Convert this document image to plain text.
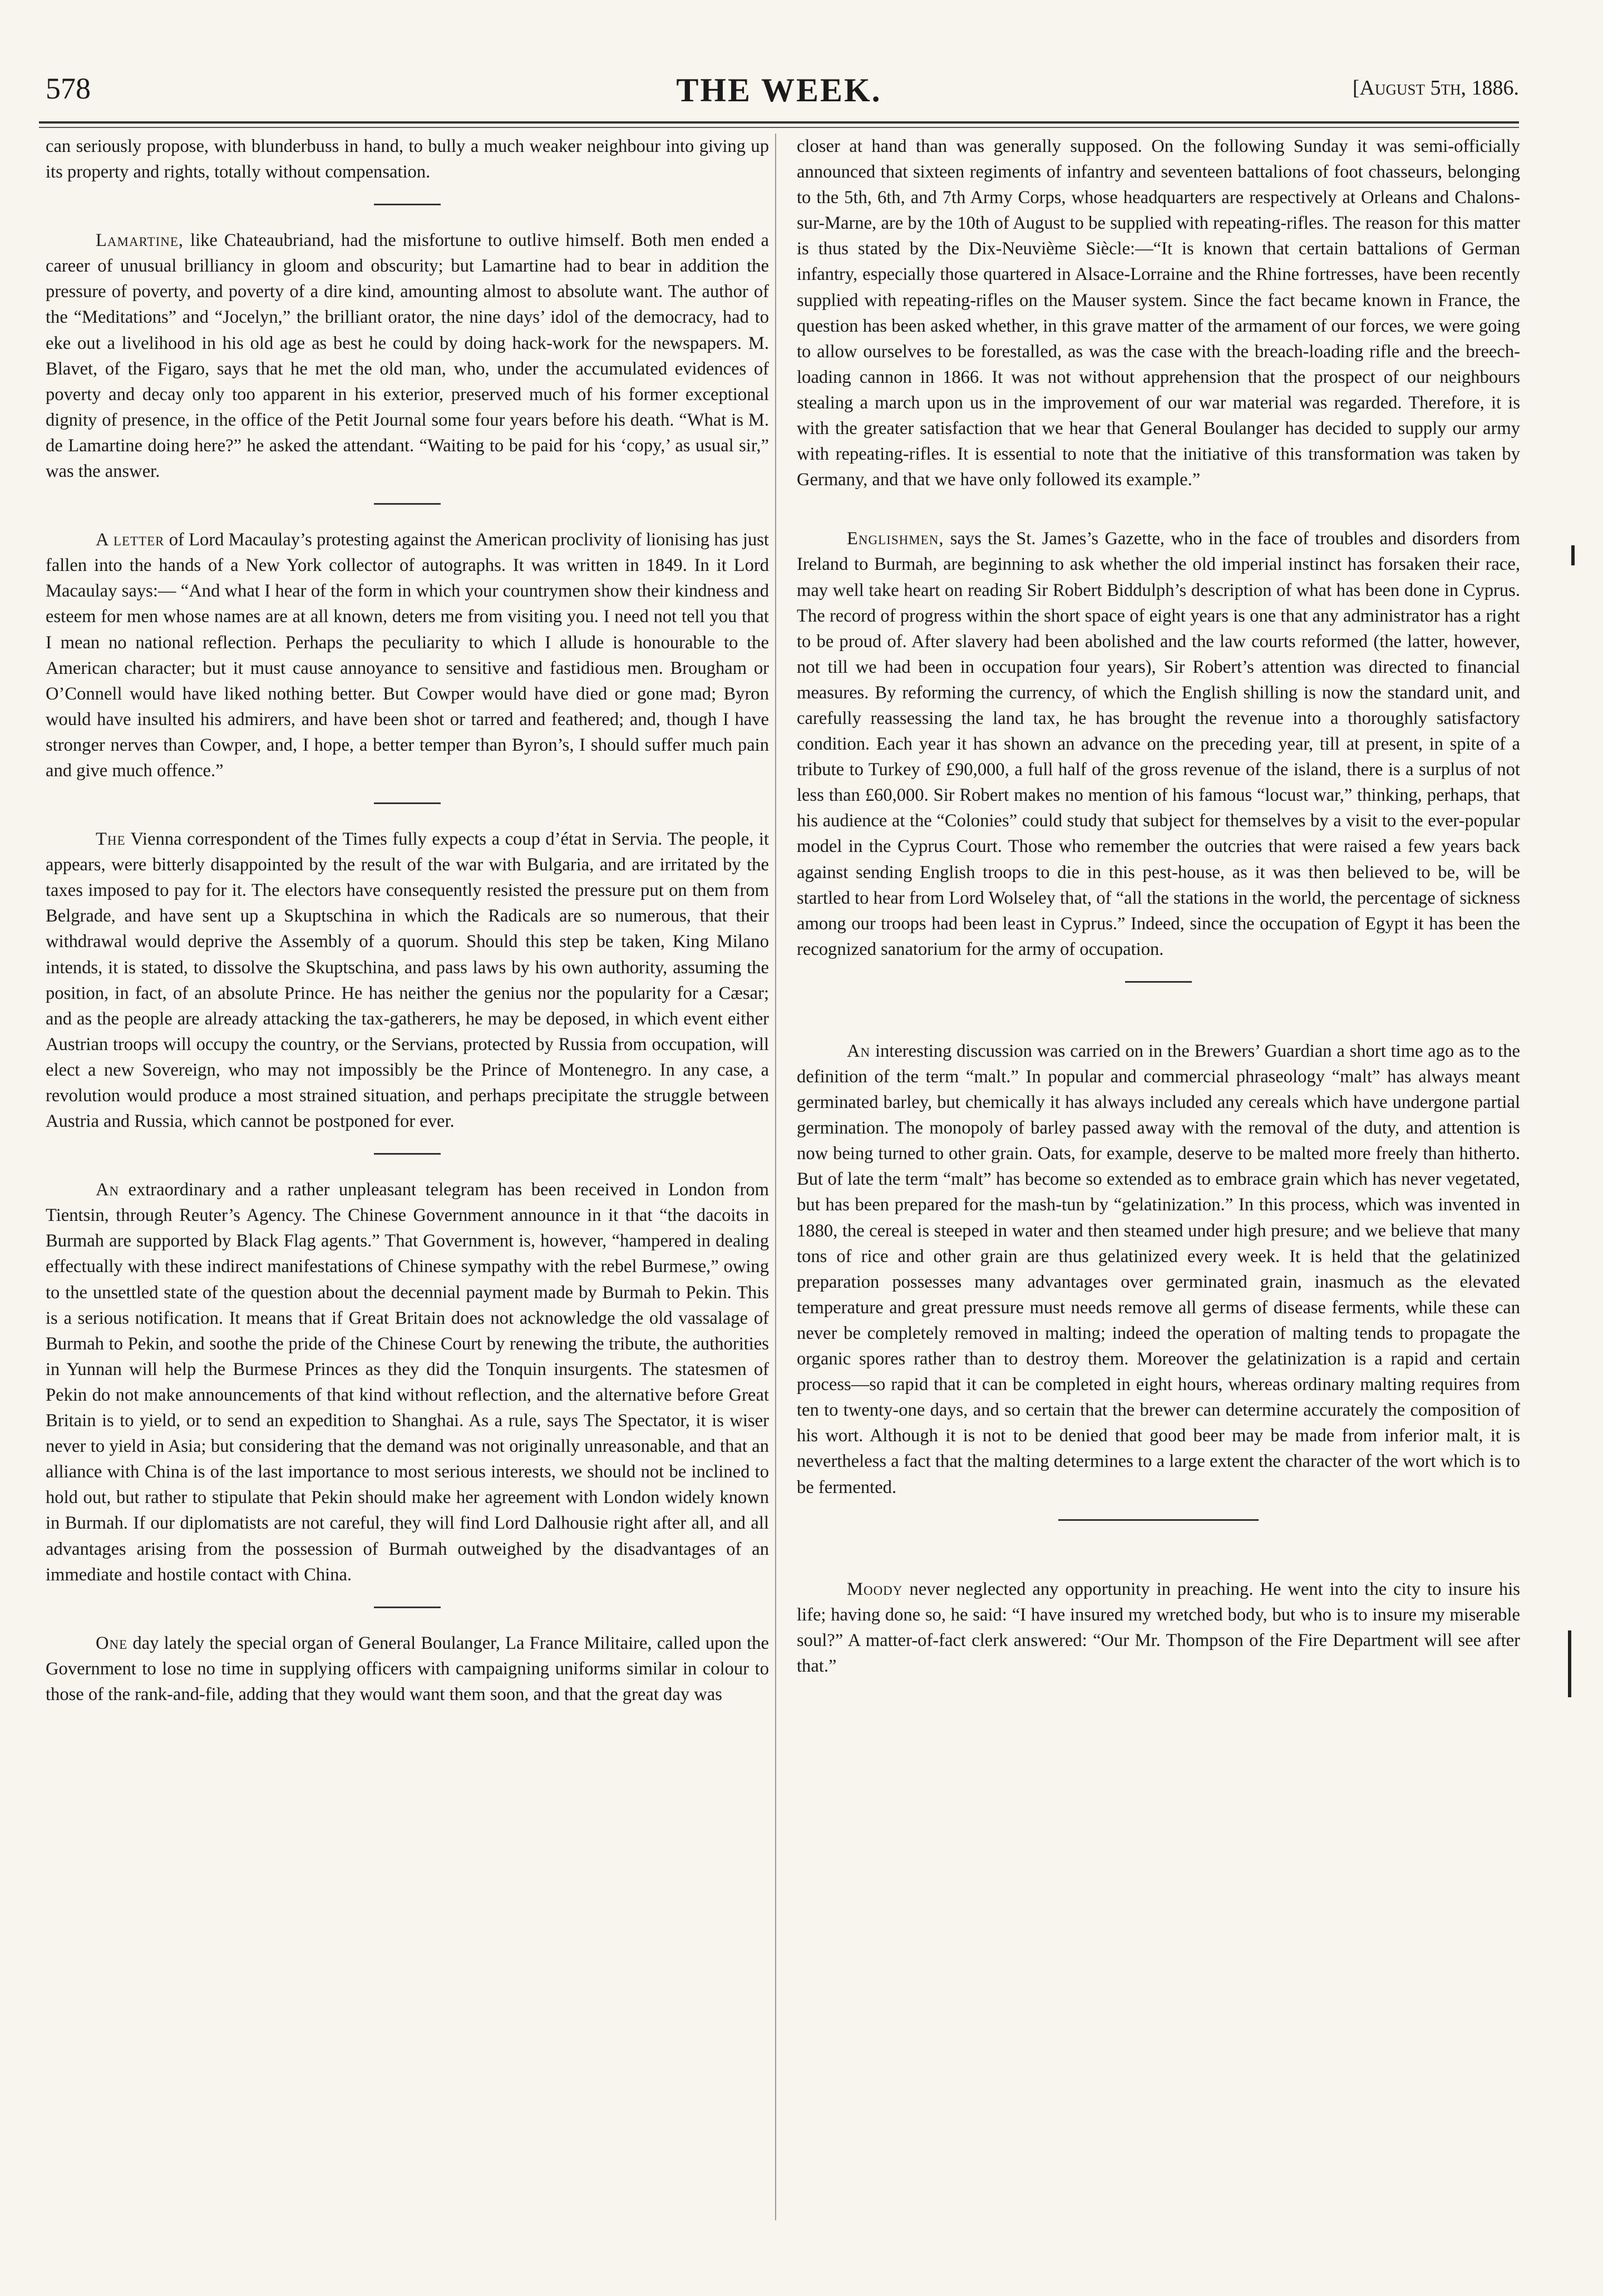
578	THE WEEK.	[August 5th, 1886.

can seriously propose, with blunderbuss in hand, to bully a much weaker neighbour into giving up its property and rights, totally without compensation.

Lamartine, like Chateaubriand, had the misfortune to outlive himself. Both men ended a career of unusual brilliancy in gloom and obscurity; but Lamartine had to bear in addition the pressure of poverty, and poverty of a dire kind, amounting almost to absolute want. The author of the “Meditations” and “Jocelyn,” the brilliant orator, the nine days’ idol of the democracy, had to eke out a livelihood in his old age as best he could by doing hack-work for the newspapers. M. Blavet, of the Figaro, says that he met the old man, who, under the accumulated evidences of poverty and decay only too apparent in his exterior, preserved much of his former exceptional dignity of presence, in the office of the Petit Journal some four years before his death. “What is M. de Lamartine doing here?” he asked the attendant. “Waiting to be paid for his ‘copy,’ as usual sir,” was the answer.

A letter of Lord Macaulay’s protesting against the American proclivity of lionising has just fallen into the hands of a New York collector of autographs. It was written in 1849. In it Lord Macaulay says:— “And what I hear of the form in which your countrymen show their kindness and esteem for men whose names are at all known, deters me from visiting you. I need not tell you that I mean no national reflection. Perhaps the peculiarity to which I allude is honourable to the American character; but it must cause annoyance to sensitive and fastidious men. Brougham or O’Connell would have liked nothing better. But Cowper would have died or gone mad; Byron would have insulted his admirers, and have been shot or tarred and feathered; and, though I have stronger nerves than Cowper, and, I hope, a better temper than Byron’s, I should suffer much pain and give much offence.”

The Vienna correspondent of the Times fully expects a coup d’état in Servia. The people, it appears, were bitterly disappointed by the result of the war with Bulgaria, and are irritated by the taxes imposed to pay for it. The electors have consequently resisted the pressure put on them from Belgrade, and have sent up a Skuptschina in which the Radicals are so numerous, that their withdrawal would deprive the Assembly of a quorum. Should this step be taken, King Milano intends, it is stated, to dissolve the Skuptschina, and pass laws by his own authority, assuming the position, in fact, of an absolute Prince. He has neither the genius nor the popularity for a Cæsar; and as the people are already attacking the tax-gatherers, he may be deposed, in which event either Austrian troops will occupy the country, or the Servians, protected by Russia from occupation, will elect a new Sovereign, who may not impossibly be the Prince of Montenegro. In any case, a revolution would produce a most strained situation, and perhaps precipitate the struggle between Austria and Russia, which cannot be postponed for ever.

An extraordinary and a rather unpleasant telegram has been received in London from Tientsin, through Reuter’s Agency. The Chinese Government announce in it that “the dacoits in Burmah are supported by Black Flag agents.” That Government is, however, “hampered in dealing effectually with these indirect manifestations of Chinese sympathy with the rebel Burmese,” owing to the unsettled state of the question about the decennial payment made by Burmah to Pekin. This is a serious notification. It means that if Great Britain does not acknowledge the old vassalage of Burmah to Pekin, and soothe the pride of the Chinese Court by renewing the tribute, the authorities in Yunnan will help the Burmese Princes as they did the Tonquin insurgents. The statesmen of Pekin do not make announcements of that kind without reflection, and the alternative before Great Britain is to yield, or to send an expedition to Shanghai. As a rule, says The Spectator, it is wiser never to yield in Asia; but considering that the demand was not originally unreasonable, and that an alliance with China is of the last importance to most serious interests, we should not be inclined to hold out, but rather to stipulate that Pekin should make her agreement with London widely known in Burmah. If our diplomatists are not careful, they will find Lord Dalhousie right after all, and all advantages arising from the possession of Burmah outweighed by the disadvantages of an immediate and hostile contact with China.

One day lately the special organ of General Boulanger, La France Militaire, called upon the Government to lose no time in supplying officers with campaigning uniforms similar in colour to those of the rank-and-file, adding that they would want them soon, and that the great day was

closer at hand than was generally supposed. On the following Sunday it was semi-officially announced that sixteen regiments of infantry and seventeen battalions of foot chasseurs, belonging to the 5th, 6th, and 7th Army Corps, whose headquarters are respectively at Orleans and Chalons-sur-Marne, are by the 10th of August to be supplied with repeating-rifles. The reason for this matter is thus stated by the Dix-Neuvième Siècle:—“It is known that certain battalions of German infantry, especially those quartered in Alsace-Lorraine and the Rhine fortresses, have been recently supplied with repeating-rifles on the Mauser system. Since the fact became known in France, the question has been asked whether, in this grave matter of the armament of our forces, we were going to allow ourselves to be forestalled, as was the case with the breach-loading rifle and the breech-loading cannon in 1866. It was not without apprehension that the prospect of our neighbours stealing a march upon us in the improvement of our war material was regarded. Therefore, it is with the greater satisfaction that we hear that General Boulanger has decided to supply our army with repeating-rifles. It is essential to note that the initiative of this transformation was taken by Germany, and that we have only followed its example.”

Englishmen, says the St. James’s Gazette, who in the face of troubles and disorders from Ireland to Burmah, are beginning to ask whether the old imperial instinct has forsaken their race, may well take heart on reading Sir Robert Biddulph’s description of what has been done in Cyprus. The record of progress within the short space of eight years is one that any administrator has a right to be proud of. After slavery had been abolished and the law courts reformed (the latter, however, not till we had been in occupation four years), Sir Robert’s attention was directed to financial measures. By reforming the currency, of which the English shilling is now the standard unit, and carefully reassessing the land tax, he has brought the revenue into a thoroughly satisfactory condition. Each year it has shown an advance on the preceding year, till at present, in spite of a tribute to Turkey of £90,000, a full half of the gross revenue of the island, there is a surplus of not less than £60,000. Sir Robert makes no mention of his famous “locust war,” thinking, perhaps, that his audience at the “Colonies” could study that subject for themselves by a visit to the ever-popular model in the Cyprus Court. Those who remember the outcries that were raised a few years back against sending English troops to die in this pest-house, as it was then believed to be, will be startled to hear from Lord Wolseley that, of “all the stations in the world, the percentage of sickness among our troops had been least in Cyprus.” Indeed, since the occupation of Egypt it has been the recognized sanatorium for the army of occupation.

An interesting discussion was carried on in the Brewers’ Guardian a short time ago as to the definition of the term “malt.” In popular and commercial phraseology “malt” has always meant germinated barley, but chemically it has always included any cereals which have undergone partial germination. The monopoly of barley passed away with the removal of the duty, and attention is now being turned to other grain. Oats, for example, deserve to be malted more freely than hitherto. But of late the term “malt” has become so extended as to embrace grain which has never vegetated, but has been prepared for the mash-tun by “gelatinization.” In this process, which was invented in 1880, the cereal is steeped in water and then steamed under high presure; and we believe that many tons of rice and other grain are thus gelatinized every week. It is held that the gelatinized preparation possesses many advantages over germinated grain, inasmuch as the elevated temperature and great pressure must needs remove all germs of disease ferments, while these can never be completely removed in malting; indeed the operation of malting tends to propagate the organic spores rather than to destroy them. Moreover the gelatinization is a rapid and certain process—so rapid that it can be completed in eight hours, whereas ordinary malting requires from ten to twenty-one days, and so certain that the brewer can determine accurately the composition of his wort. Although it is not to be denied that good beer may be made from inferior malt, it is nevertheless a fact that the malting determines to a large extent the character of the wort which is to be fermented.

Moody never neglected any opportunity in preaching. He went into the city to insure his life; having done so, he said: “I have insured my wretched body, but who is to insure my miserable soul?” A matter-of-fact clerk answered: “Our Mr. Thompson of the Fire Department will see after that.”
